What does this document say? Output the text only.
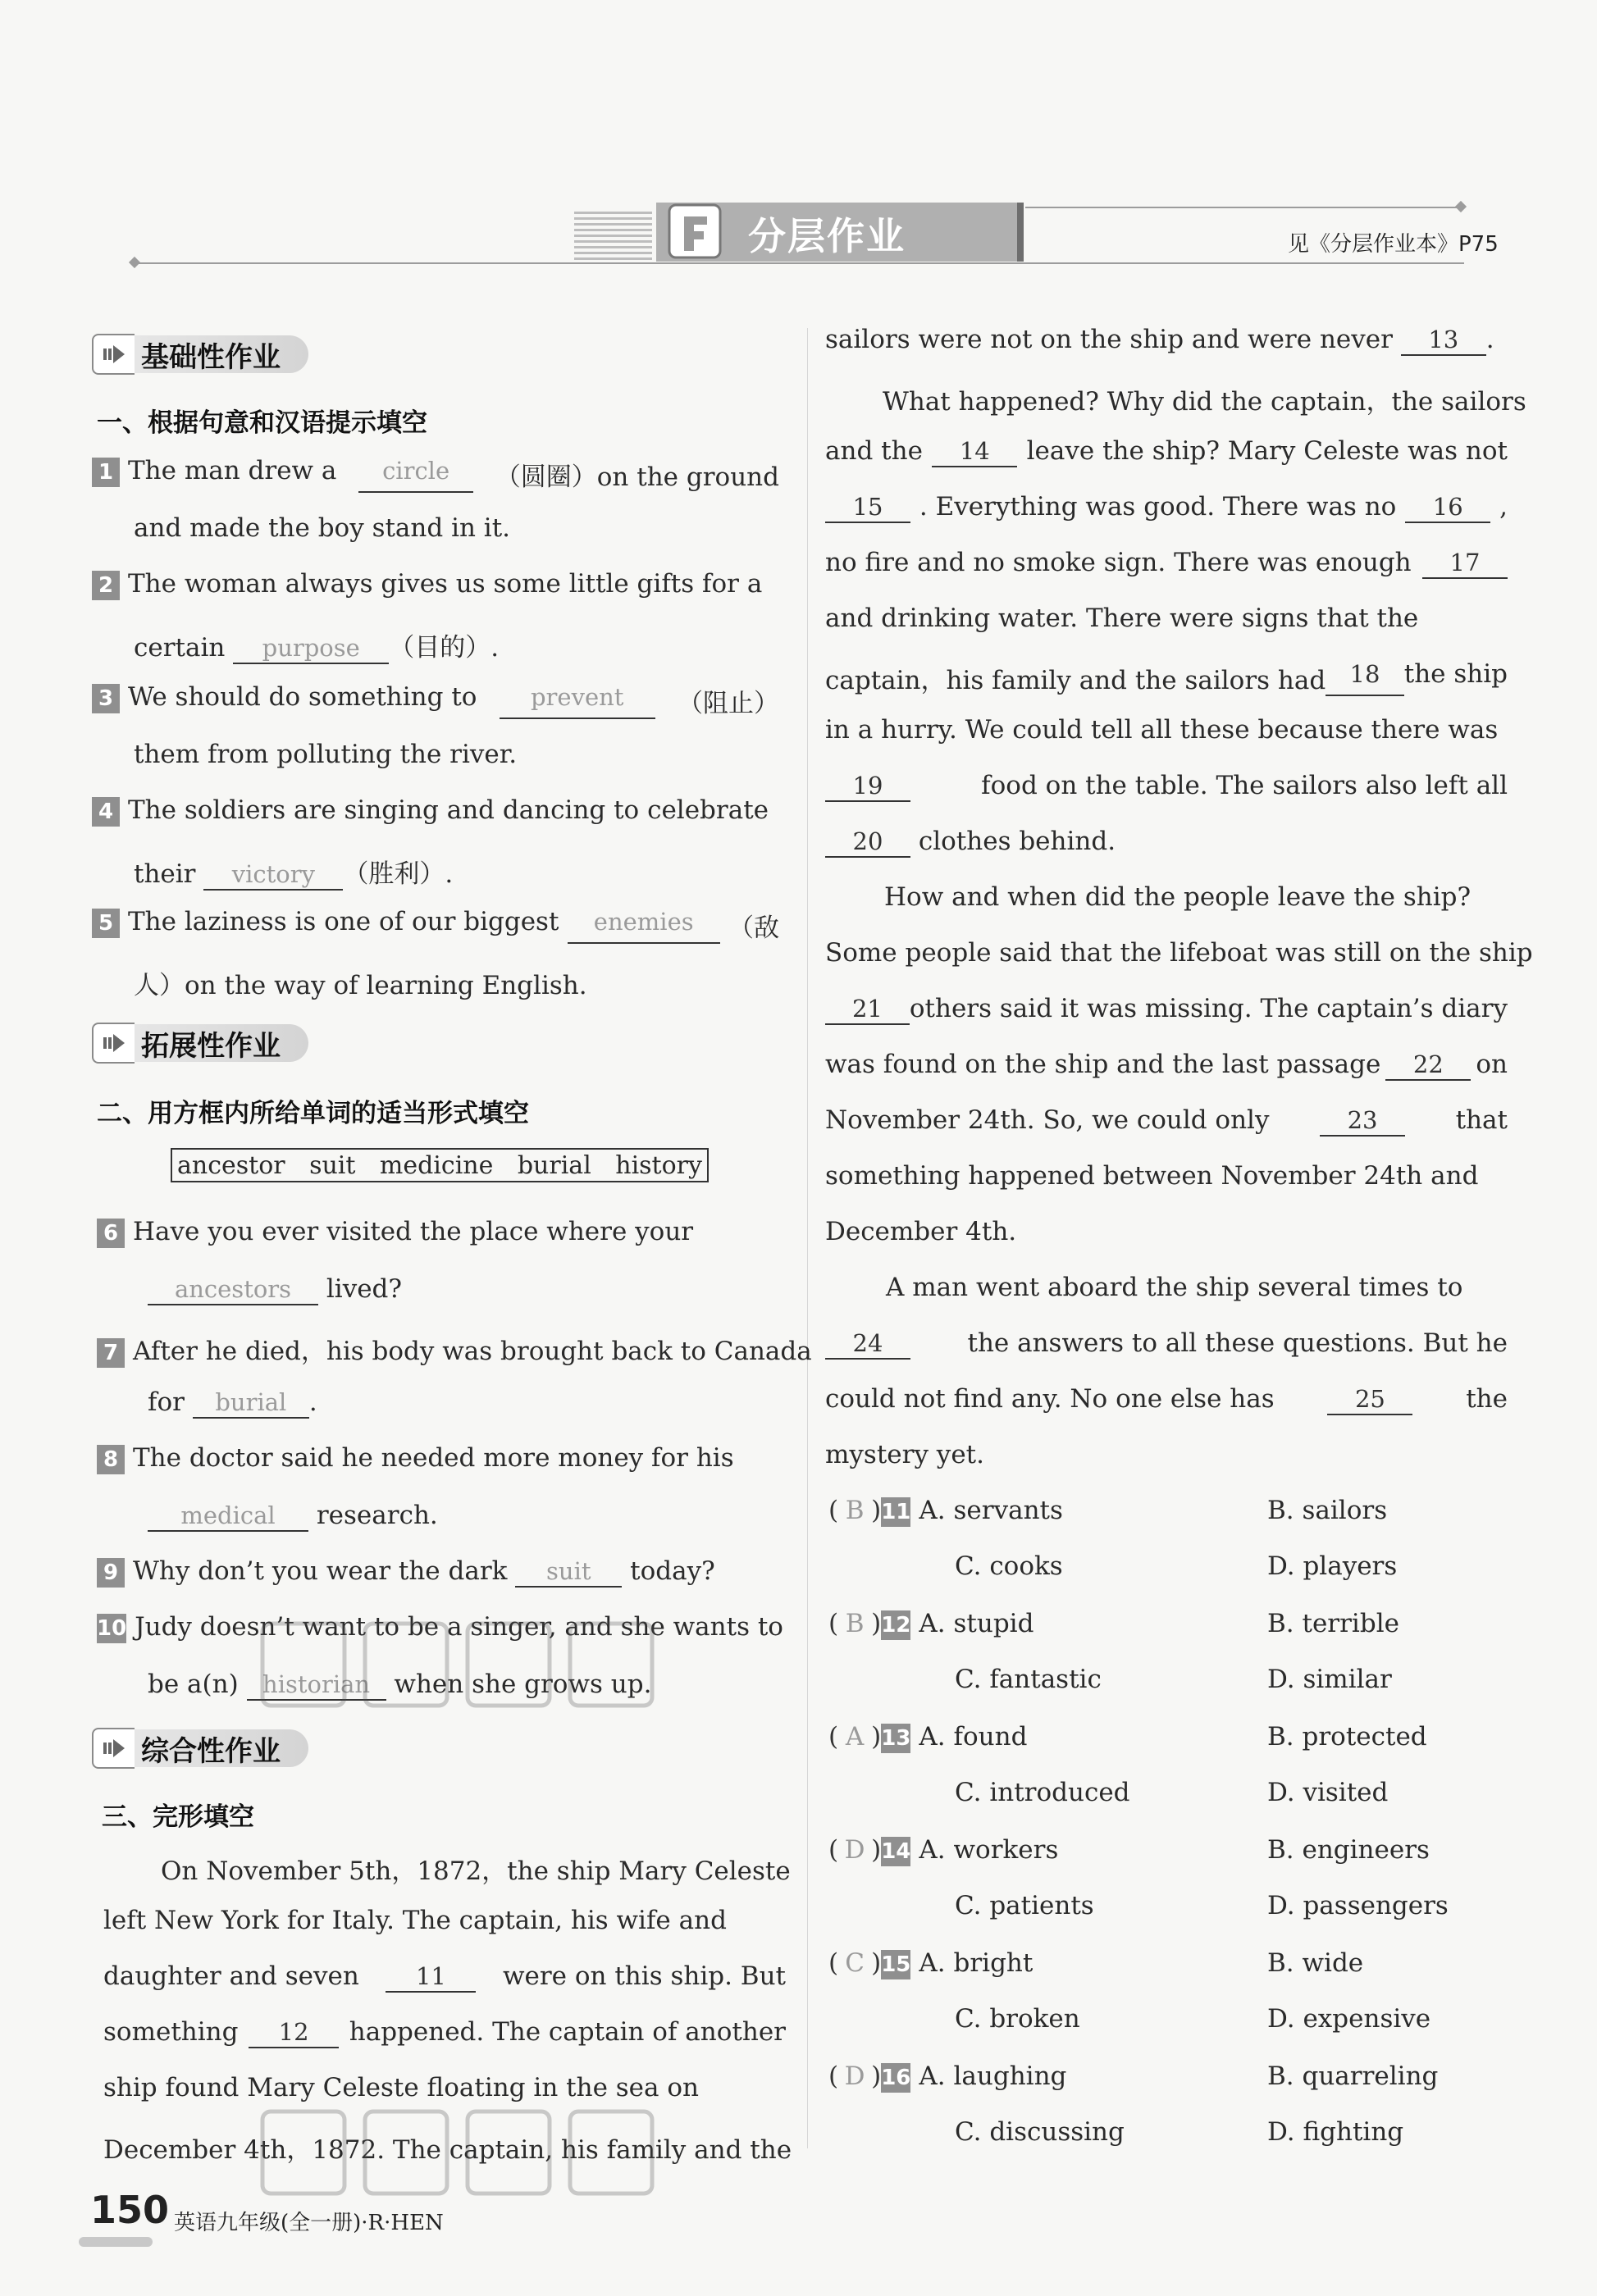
分层作业	见《分层作业本》P75
基础性作业
一、根据句意和汉语提示填空
1 The man drew a	circle	（圆圈）on the ground
and made the boy stand in it.
2 The woman always gives us some little gifts for a
certain purpose （目的）.
3 We should do something to	prevent	（阻止）
them from polluting the river.
4 The soldiers are singing and dancing to celebrate
their victory （胜利）.
5 The laziness is one of our biggest	enemies	（敌
人）on the way of learning English.
拓展性作业
二、用方框内所给单词的适当形式填空
ancestor suit medicine burial history
6 Have you ever visited the place where your
ancestors lived?
7 After he died，his body was brought back to Canada
for burial .
8 The doctor said he needed more money for his
medical research.
9 Why don’t you wear the dark suit today?
10 Judy doesn’t want to be a singer, and she wants to
be a(n) historian when she grows up.
综合性作业
三、完形填空
On November 5th，1872，the ship Mary Celeste
left New York for Italy. The captain, his wife and
daughter and seven	11	were on this ship. But
something	12	happened. The captain of another
ship found Mary Celeste floating in the sea on
December 4th，1872. The captain, his family and the
sailors were not on the ship and were never 13 .
What happened? Why did the captain，the sailors
and the	14	leave the ship? Mary Celeste was not
15	. Everything was good. There was no	16	,
no fire and no smoke sign. There was enough	17
and drinking water. There were signs that the
captain，his family and the sailors had	18 the ship
in a hurry. We could tell all these because there was
19	food on the table. The sailors also left all
20 clothes behind.
How and when did the people leave the ship?
Some people said that the lifeboat was still on the ship
21	others said it was missing. The captain’s diary
was found on the ship and the last passage	22	on
November 24th. So, we could only	23	that
something happened between November 24th and
December 4th.
A man went aboard the ship several times to
24	the answers to all these questions. But he
could not find any. No one else has	25	the
mystery yet.
( B )11 A. servants	B. sailors
C. cooks	D. players
( B )12 A. stupid	B. terrible
C. fantastic	D. similar
( A )13 A. found	B. protected
C. introduced	D. visited
( D )14 A. workers	B. engineers
C. patients	D. passengers
( C )15 A. bright	B. wide
C. broken	D. expensive
( D )16 A. laughing	B. quarreling
C. discussing	D. fighting
150 英语九年级(全一册)·R·HEN
